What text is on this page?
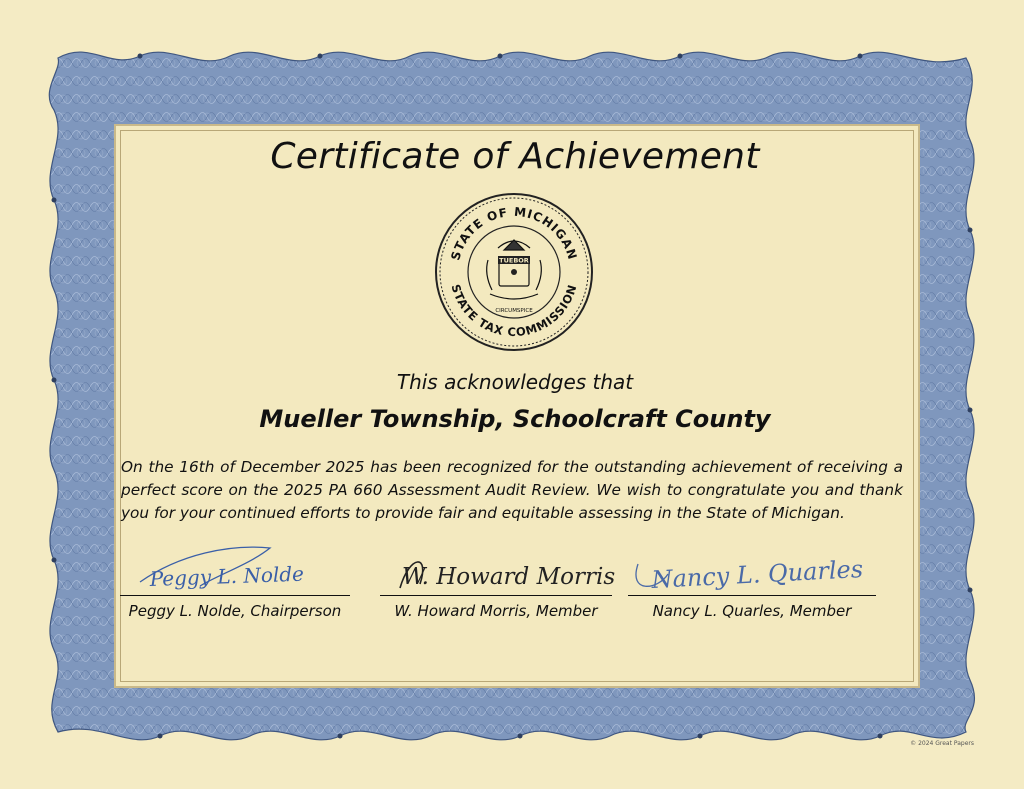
Certificate of Achievement
STATE OF MICHIGAN
STATE TAX COMMISSION
TUEBOR
CIRCUMSPICE
This acknowledges that
Mueller Township, Schoolcraft County
On the 16th of December 2025 has been recognized for the outstanding achievement of receiving a perfect score on the 2025 PA 660 Assessment Audit Review. We wish to congratulate you and thank you for your continued efforts to provide fair and equitable assessing in the State of Michigan.
Peggy L. Nolde
Peggy L. Nolde, Chairperson
W. Howard Morris
W. Howard Morris, Member
Nancy L. Quarles
Nancy L. Quarles, Member
© 2024 Great Papers
